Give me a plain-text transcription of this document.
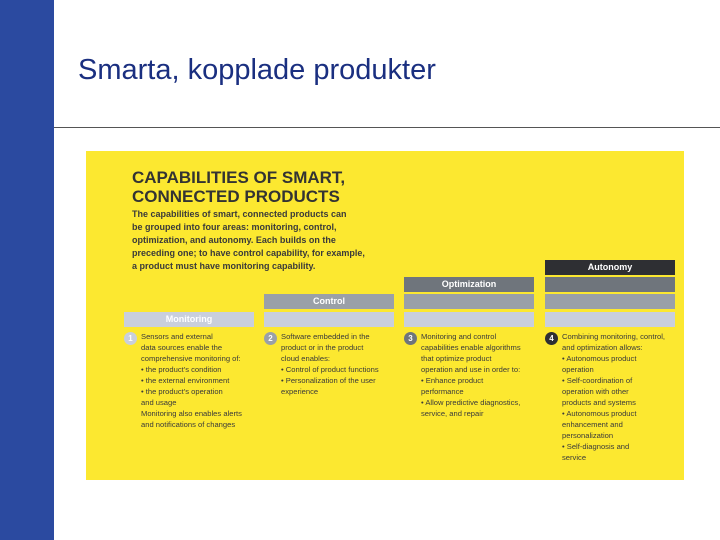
Smarta, kopplade produkter
CAPABILITIES OF SMART,
CONNECTED PRODUCTS
The capabilities of smart, connected products can
be grouped into four areas: monitoring, control,
optimization, and autonomy. Each builds on the
preceding one; to have control capability, for example,
a product must have monitoring capability.
Monitoring
Control
Optimization
Autonomy
1	Sensors and external
data sources enable the
comprehensive monitoring of:
• the product's condition
• the external environment
• the product's operation
and usage
Monitoring also enables alerts
and notifications of changes
2	Software embedded in the
product or in the product
cloud enables:
• Control of product functions
• Personalization of the user
experience
3	Monitoring and control
capabilities enable algorithms
that optimize product
operation and use in order to:
• Enhance product
performance
• Allow predictive diagnostics,
service, and repair
4	Combining monitoring, control,
and optimization allows:
• Autonomous product
operation
• Self-coordination of
operation with other
products and systems
• Autonomous product
enhancement and
personalization
• Self-diagnosis and
service
